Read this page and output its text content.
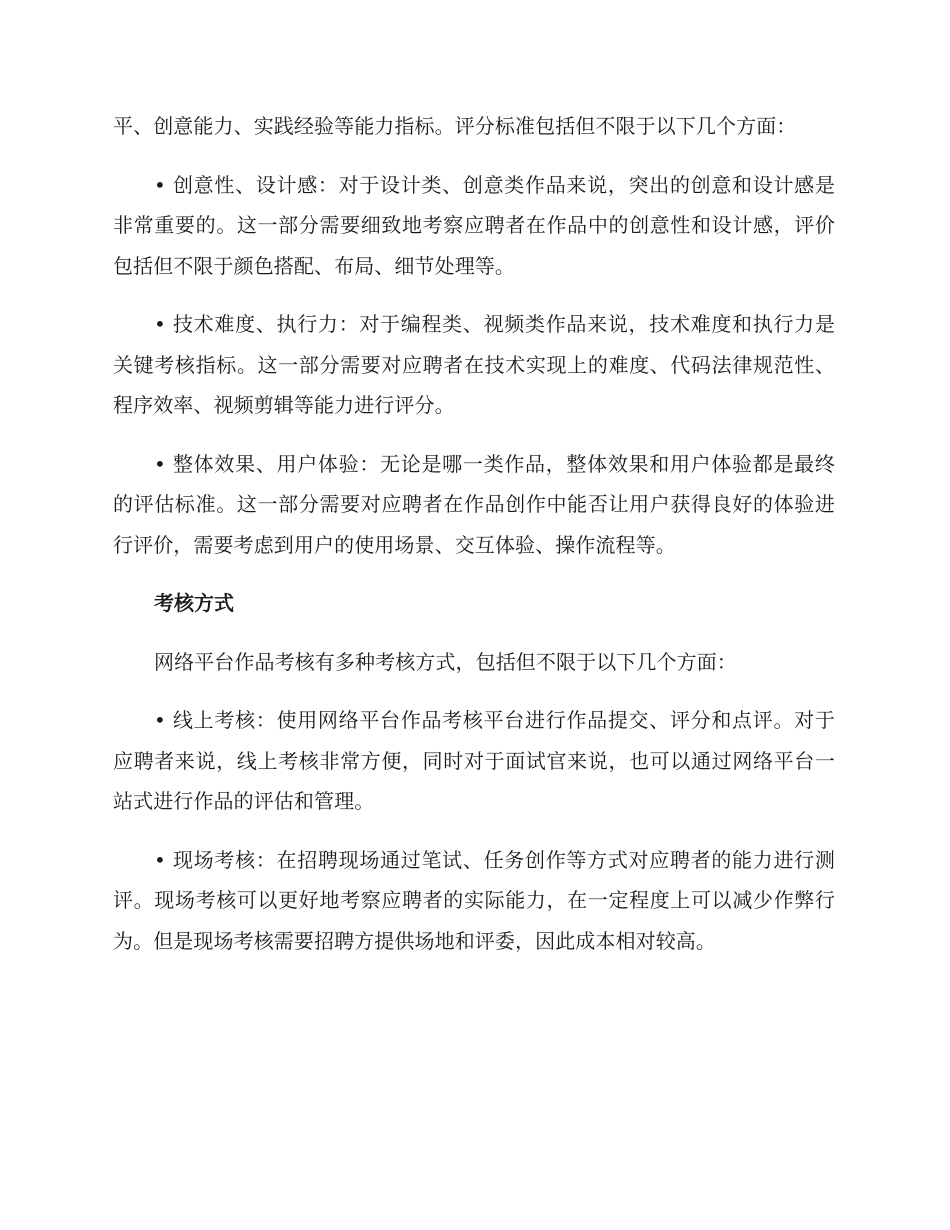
平、创意能力、实践经验等能力指标。评分标准包括但不限于以下几个方面：

• 创意性、设计感：对于设计类、创意类作品来说，突出的创意和设计感是非常重要的。这一部分需要细致地考察应聘者在作品中的创意性和设计感，评价包括但不限于颜色搭配、布局、细节处理等。

• 技术难度、执行力：对于编程类、视频类作品来说，技术难度和执行力是关键考核指标。这一部分需要对应聘者在技术实现上的难度、代码法律规范性、程序效率、视频剪辑等能力进行评分。

• 整体效果、用户体验：无论是哪一类作品，整体效果和用户体验都是最终的评估标准。这一部分需要对应聘者在作品创作中能否让用户获得良好的体验进行评价，需要考虑到用户的使用场景、交互体验、操作流程等。

考核方式

网络平台作品考核有多种考核方式，包括但不限于以下几个方面：

• 线上考核：使用网络平台作品考核平台进行作品提交、评分和点评。对于应聘者来说，线上考核非常方便，同时对于面试官来说，也可以通过网络平台一站式进行作品的评估和管理。

• 现场考核：在招聘现场通过笔试、任务创作等方式对应聘者的能力进行测评。现场考核可以更好地考察应聘者的实际能力，在一定程度上可以减少作弊行为。但是现场考核需要招聘方提供场地和评委，因此成本相对较高。
